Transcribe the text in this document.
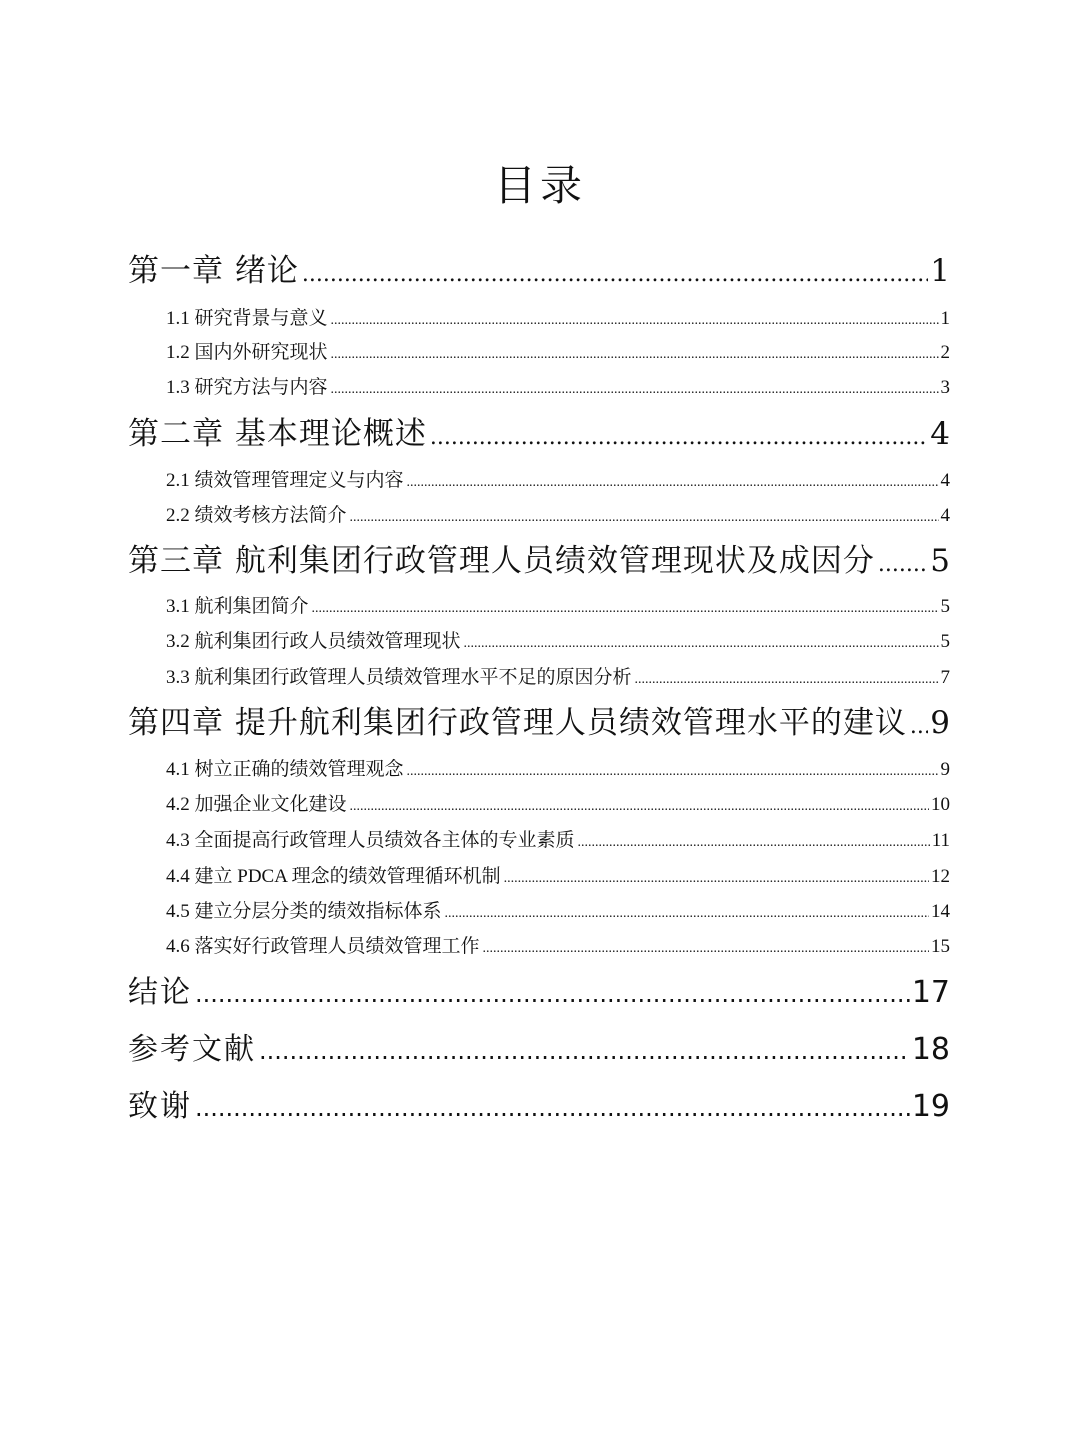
目录
第一章 绪论 .....	1
1.1 研究背景与意义 .....	1
1.2 国内外研究现状 .....	2
1.3 研究方法与内容 .....	3
第二章 基本理论概述 .....	4
2.1 绩效管理管理定义与内容 .....	4
2.2 绩效考核方法简介 .....	4
第三章 航利集团行政管理人员绩效管理现状及成因分 ..... 5
3.1 航利集团简介 .....	5
3.2 航利集团行政人员绩效管理现状 .....	5
3.3 航利集团行政管理人员绩效管理水平不足的原因分析 .....	7
第四章 提升航利集团行政管理人员绩效管理水平的建议 ..... 9
4.1 树立正确的绩效管理观念 .....	9
4.2 加强企业文化建设 .....	10
4.3 全面提高行政管理人员绩效各主体的专业素质 .....	11
4.4 建立 PDCA 理念的绩效管理循环机制 .....	12
4.5 建立分层分类的绩效指标体系 .....	14
4.6 落实好行政管理人员绩效管理工作 .....	15
结论 .....	17
参考文献 .....	18
致谢 .....	19
